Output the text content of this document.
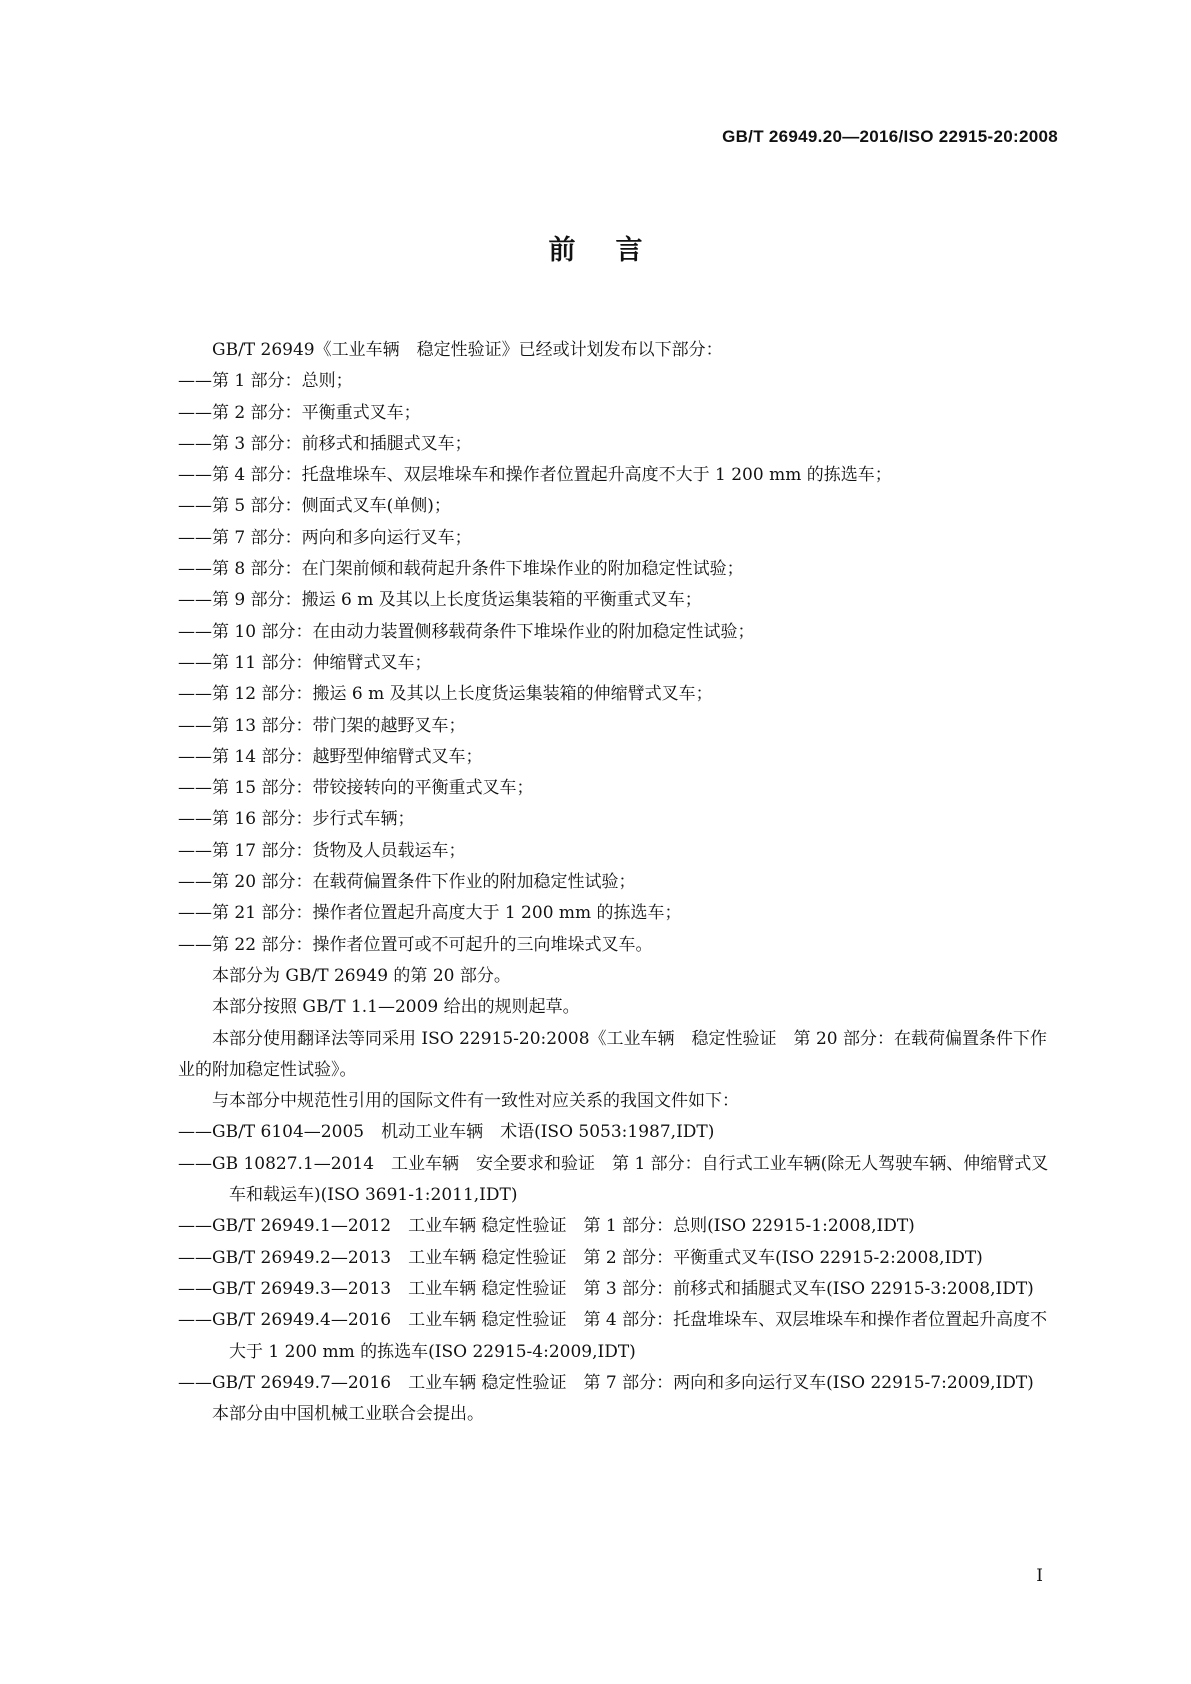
GB/T 26949.20—2016/ISO 22915-20:2008
前言

GB/T 26949《工业车辆　稳定性验证》已经或计划发布以下部分：

——第 1 部分：总则；

——第 2 部分：平衡重式叉车；

——第 3 部分：前移式和插腿式叉车；

——第 4 部分：托盘堆垛车、双层堆垛车和操作者位置起升高度不大于 1 200 mm 的拣选车；

——第 5 部分：侧面式叉车(单侧)；

——第 7 部分：两向和多向运行叉车；

——第 8 部分：在门架前倾和载荷起升条件下堆垛作业的附加稳定性试验；

——第 9 部分：搬运 6 m 及其以上长度货运集装箱的平衡重式叉车；

——第 10 部分：在由动力装置侧移载荷条件下堆垛作业的附加稳定性试验；

——第 11 部分：伸缩臂式叉车；

——第 12 部分：搬运 6 m 及其以上长度货运集装箱的伸缩臂式叉车；

——第 13 部分：带门架的越野叉车；

——第 14 部分：越野型伸缩臂式叉车；

——第 15 部分：带铰接转向的平衡重式叉车；

——第 16 部分：步行式车辆；

——第 17 部分：货物及人员载运车；

——第 20 部分：在载荷偏置条件下作业的附加稳定性试验；

——第 21 部分：操作者位置起升高度大于 1 200 mm 的拣选车；

——第 22 部分：操作者位置可或不可起升的三向堆垛式叉车。

本部分为 GB/T 26949 的第 20 部分。

本部分按照 GB/T 1.1—2009 给出的规则起草。

本部分使用翻译法等同采用 ISO 22915-20:2008《工业车辆　稳定性验证　第 20 部分：在载荷偏置条件下作业的附加稳定性试验》。

与本部分中规范性引用的国际文件有一致性对应关系的我国文件如下：

——GB/T 6104—2005　机动工业车辆　术语(ISO 5053:1987,IDT)

——GB 10827.1—2014　工业车辆　安全要求和验证　第 1 部分：自行式工业车辆(除无人驾驶车辆、伸缩臂式叉车和载运车)(ISO 3691-1:2011,IDT)

——GB/T 26949.1—2012　工业车辆 稳定性验证　第 1 部分：总则(ISO 22915-1:2008,IDT)

——GB/T 26949.2—2013　工业车辆 稳定性验证　第 2 部分：平衡重式叉车(ISO 22915-2:2008,IDT)

——GB/T 26949.3—2013　工业车辆 稳定性验证　第 3 部分：前移式和插腿式叉车(ISO 22915-3:2008,IDT)

——GB/T 26949.4—2016　工业车辆 稳定性验证　第 4 部分：托盘堆垛车、双层堆垛车和操作者位置起升高度不大于 1 200 mm 的拣选车(ISO 22915-4:2009,IDT)

——GB/T 26949.7—2016　工业车辆 稳定性验证　第 7 部分：两向和多向运行叉车(ISO 22915-7:2009,IDT)

本部分由中国机械工业联合会提出。

I
